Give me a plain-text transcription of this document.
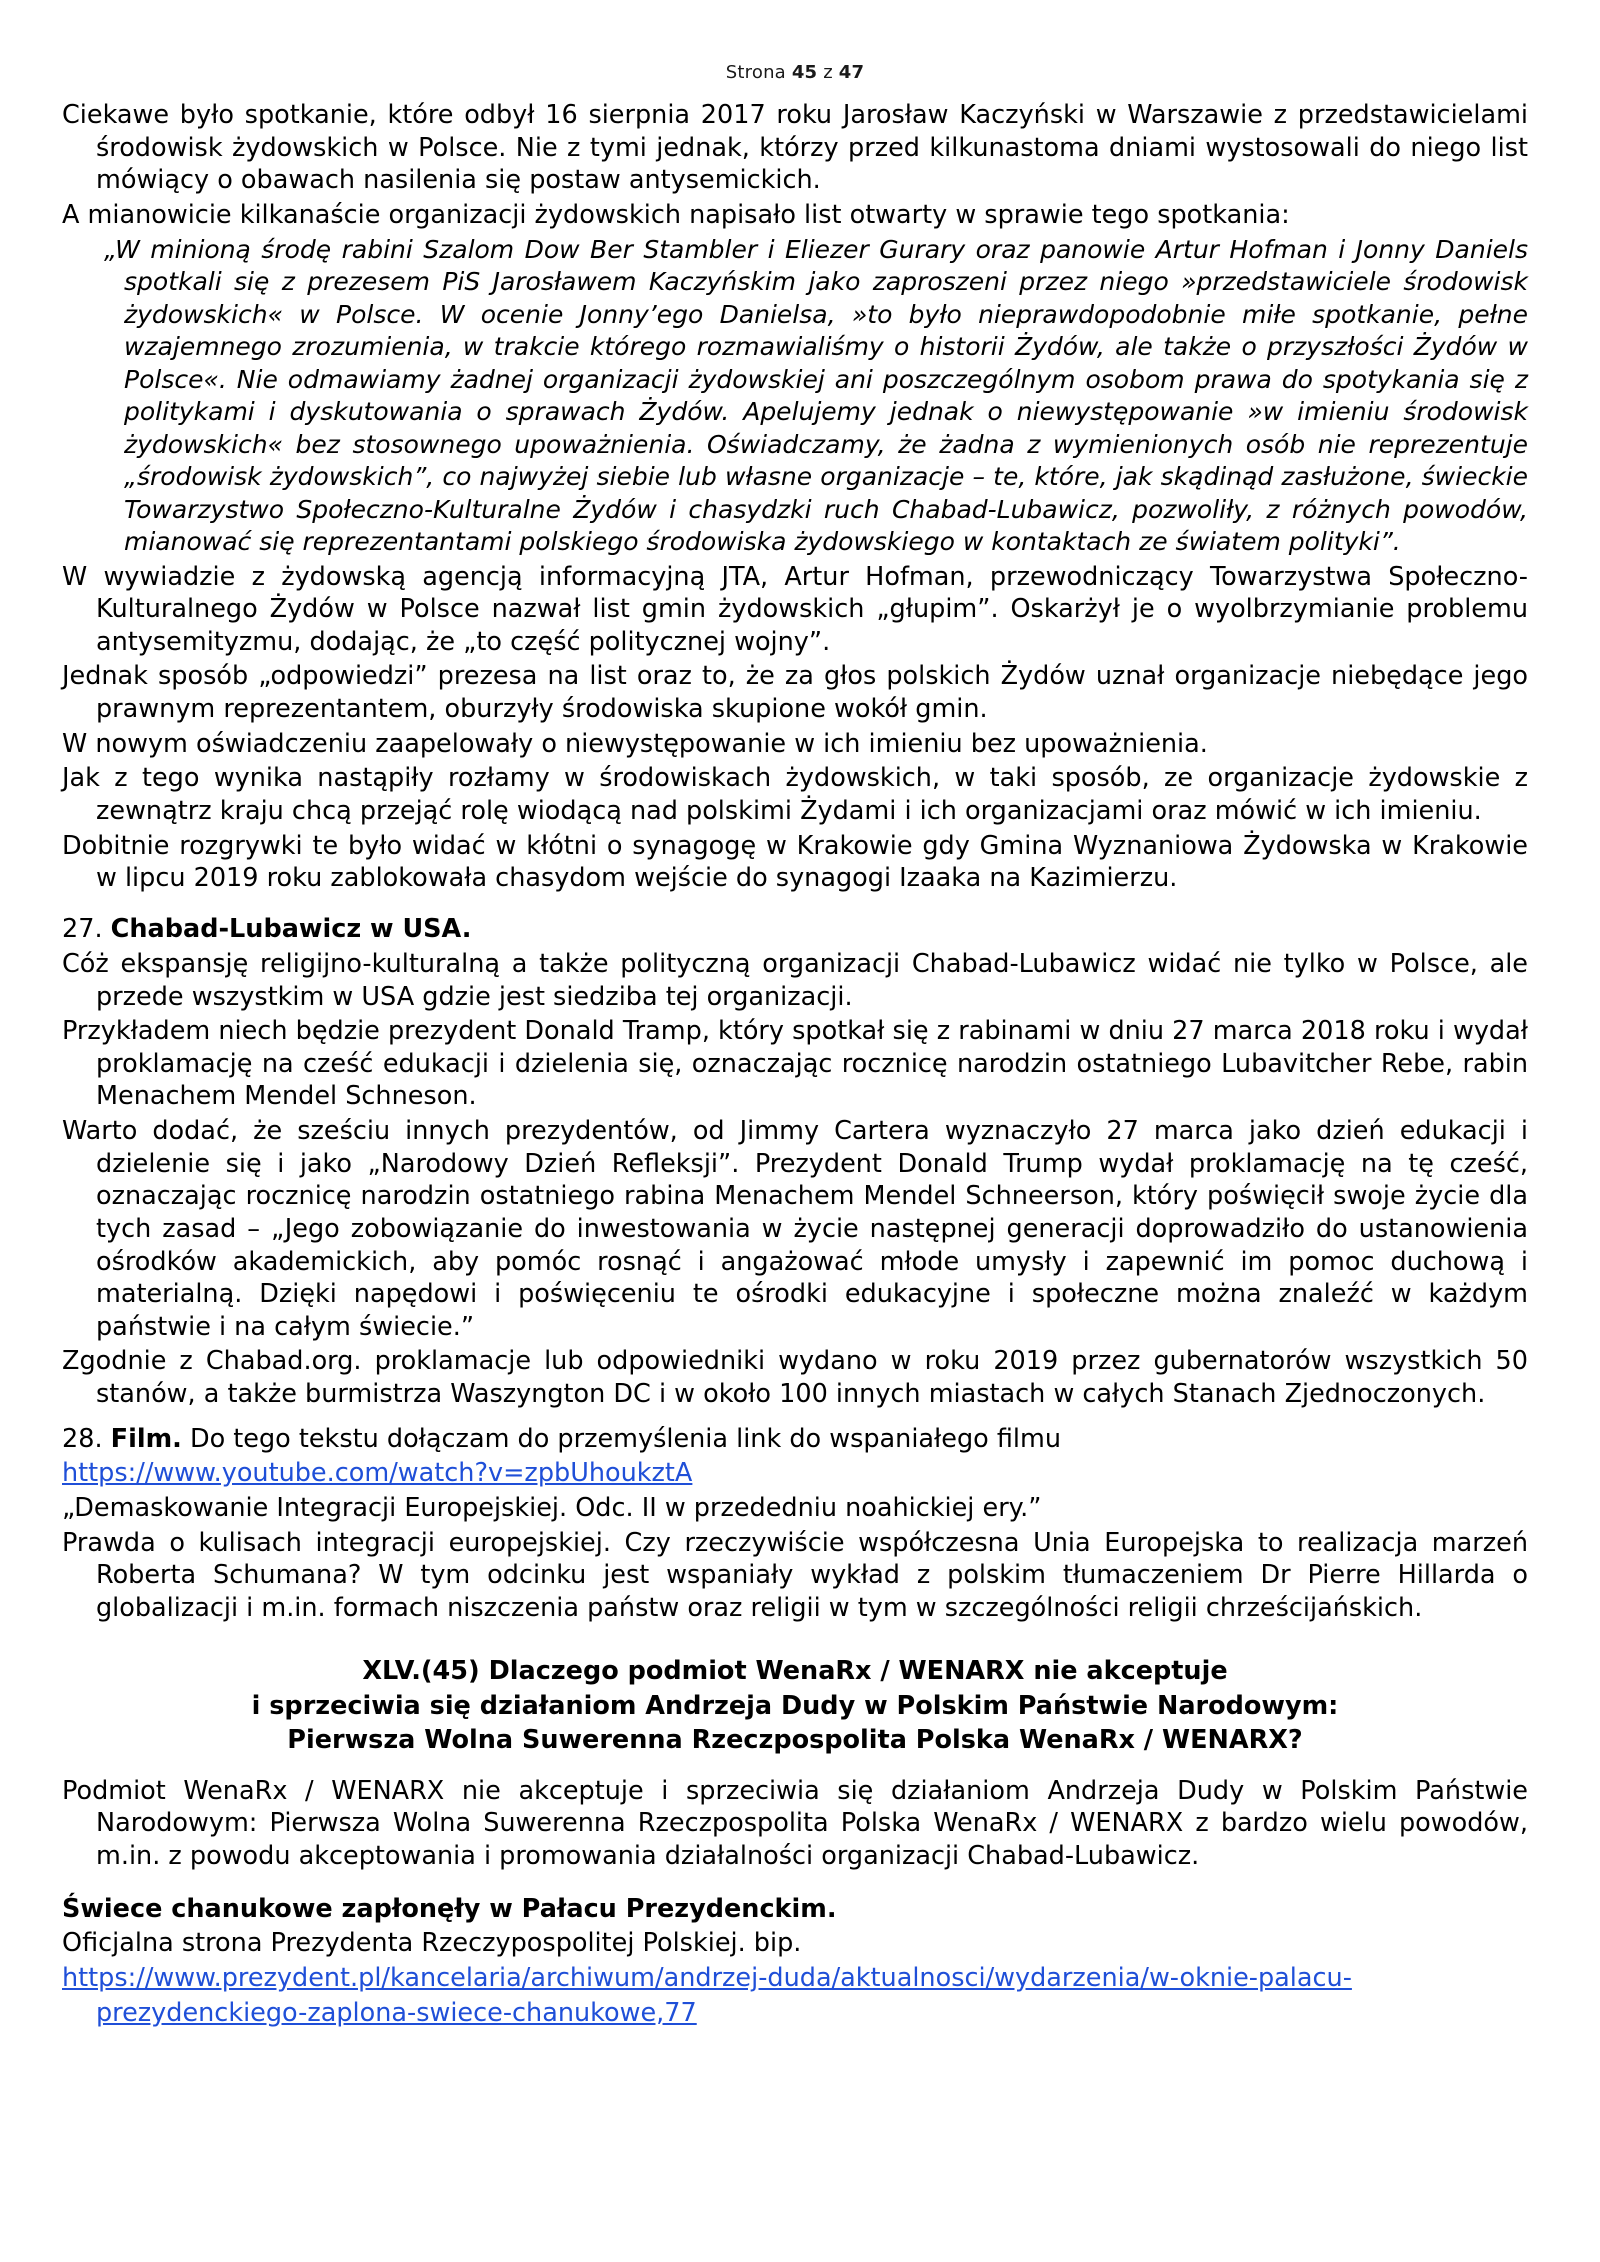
Strona 45 z 47

Ciekawe było spotkanie, które odbył 16 sierpnia 2017 roku Jarosław Kaczyński w Warszawie z przedstawicielami środowisk żydowskich w Polsce. Nie z tymi jednak, którzy przed kilkunastoma dniami wystosowali do niego list mówiący o obawach nasilenia się postaw antysemickich.

A mianowicie kilkanaście organizacji żydowskich napisało list otwarty w sprawie tego spotkania:

„W minioną środę rabini Szalom Dow Ber Stambler i Eliezer Gurary oraz panowie Artur Hofman i Jonny Daniels spotkali się z prezesem PiS Jarosławem Kaczyńskim jako zaproszeni przez niego »przedstawiciele środowisk żydowskich« w Polsce. W ocenie Jonny’ego Danielsa, »to było nieprawdopodobnie miłe spotkanie, pełne wzajemnego zrozumienia, w trakcie którego rozmawialiśmy o historii Żydów, ale także o przyszłości Żydów w Polsce«. Nie odmawiamy żadnej organizacji żydowskiej ani poszczególnym osobom prawa do spotykania się z politykami i dyskutowania o sprawach Żydów. Apelujemy jednak o niewystępowanie »w imieniu środowisk żydowskich« bez stosownego upoważnienia. Oświadczamy, że żadna z wymienionych osób nie reprezentuje „środowisk żydowskich”, co najwyżej siebie lub własne organizacje – te, które, jak skądinąd zasłużone, świeckie Towarzystwo Społeczno-Kulturalne Żydów i chasydzki ruch Chabad-Lubawicz, pozwoliły, z różnych powodów, mianować się reprezentantami polskiego środowiska żydowskiego w kontaktach ze światem polityki”.

W wywiadzie z żydowską agencją informacyjną JTA, Artur Hofman, przewodniczący Towarzystwa Społeczno-Kulturalnego Żydów w Polsce nazwał list gmin żydowskich „głupim”. Oskarżył je o wyolbrzymianie problemu antysemityzmu, dodając, że „to część politycznej wojny”.

Jednak sposób „odpowiedzi” prezesa na list oraz to, że za głos polskich Żydów uznał organizacje niebędące jego prawnym reprezentantem, oburzyły środowiska skupione wokół gmin.

W nowym oświadczeniu zaapelowały o niewystępowanie w ich imieniu bez upoważnienia.

Jak z tego wynika nastąpiły rozłamy w środowiskach żydowskich, w taki sposób, ze organizacje żydowskie z zewnątrz kraju chcą przejąć rolę wiodącą nad polskimi Żydami i ich organizacjami oraz mówić w ich imieniu.

Dobitnie rozgrywki te było widać w kłótni o synagogę w Krakowie gdy Gmina Wyznaniowa Żydowska w Krakowie w lipcu 2019 roku zablokowała chasydom wejście do synagogi Izaaka na Kazimierzu.

27. Chabad-Lubawicz w USA.

Cóż ekspansję religijno-kulturalną a także polityczną organizacji Chabad-Lubawicz widać nie tylko w Polsce, ale przede wszystkim w USA gdzie jest siedziba tej organizacji.

Przykładem niech będzie prezydent Donald Tramp, który spotkał się z rabinami w dniu 27 marca 2018 roku i wydał proklamację na cześć edukacji i dzielenia się, oznaczając rocznicę narodzin ostatniego Lubavitcher Rebe, rabin Menachem Mendel Schneson.

Warto dodać, że sześciu innych prezydentów, od Jimmy Cartera wyznaczyło 27 marca jako dzień edukacji i dzielenie się i jako „Narodowy Dzień Refleksji”. Prezydent Donald Trump wydał proklamację na tę cześć, oznaczając rocznicę narodzin ostatniego rabina Menachem Mendel Schneerson, który poświęcił swoje życie dla tych zasad – „Jego zobowiązanie do inwestowania w życie następnej generacji doprowadziło do ustanowienia ośrodków akademickich, aby pomóc rosnąć i angażować młode umysły i zapewnić im pomoc duchową i materialną. Dzięki napędowi i poświęceniu te ośrodki edukacyjne i społeczne można znaleźć w każdym państwie i na całym świecie.”

Zgodnie z Chabad.org. proklamacje lub odpowiedniki wydano w roku 2019 przez gubernatorów wszystkich 50 stanów, a także burmistrza Waszyngton DC i w około 100 innych miastach w całych Stanach Zjednoczonych.

28. Film. Do tego tekstu dołączam do przemyślenia link do wspaniałego filmu

https://www.youtube.com/watch?v=zpbUhoukztA

„Demaskowanie Integracji Europejskiej. Odc. II w przededniu noahickiej ery.”

Prawda o kulisach integracji europejskiej. Czy rzeczywiście współczesna Unia Europejska to realizacja marzeń Roberta Schumana? W tym odcinku jest wspaniały wykład z polskim tłumaczeniem Dr Pierre Hillarda o globalizacji i m.in. formach niszczenia państw oraz religii w tym w szczególności religii chrześcijańskich.

XLV.(45) Dlaczego podmiot WenaRx / WENARX nie akceptuje

i sprzeciwia się działaniom Andrzeja Dudy w Polskim Państwie Narodowym:

Pierwsza Wolna Suwerenna Rzeczpospolita Polska WenaRx / WENARX?

Podmiot WenaRx / WENARX nie akceptuje i sprzeciwia się działaniom Andrzeja Dudy w Polskim Państwie Narodowym: Pierwsza Wolna Suwerenna Rzeczpospolita Polska WenaRx / WENARX z bardzo wielu powodów, m.in. z powodu akceptowania i promowania działalności organizacji Chabad-Lubawicz.

Świece chanukowe zapłonęły w Pałacu Prezydenckim.

Oficjalna strona Prezydenta Rzeczypospolitej Polskiej. bip.

https://www.prezydent.pl/kancelaria/archiwum/andrzej-duda/aktualnosci/wydarzenia/w-oknie-palacu-

prezydenckiego-zaplona-swiece-chanukowe,77
